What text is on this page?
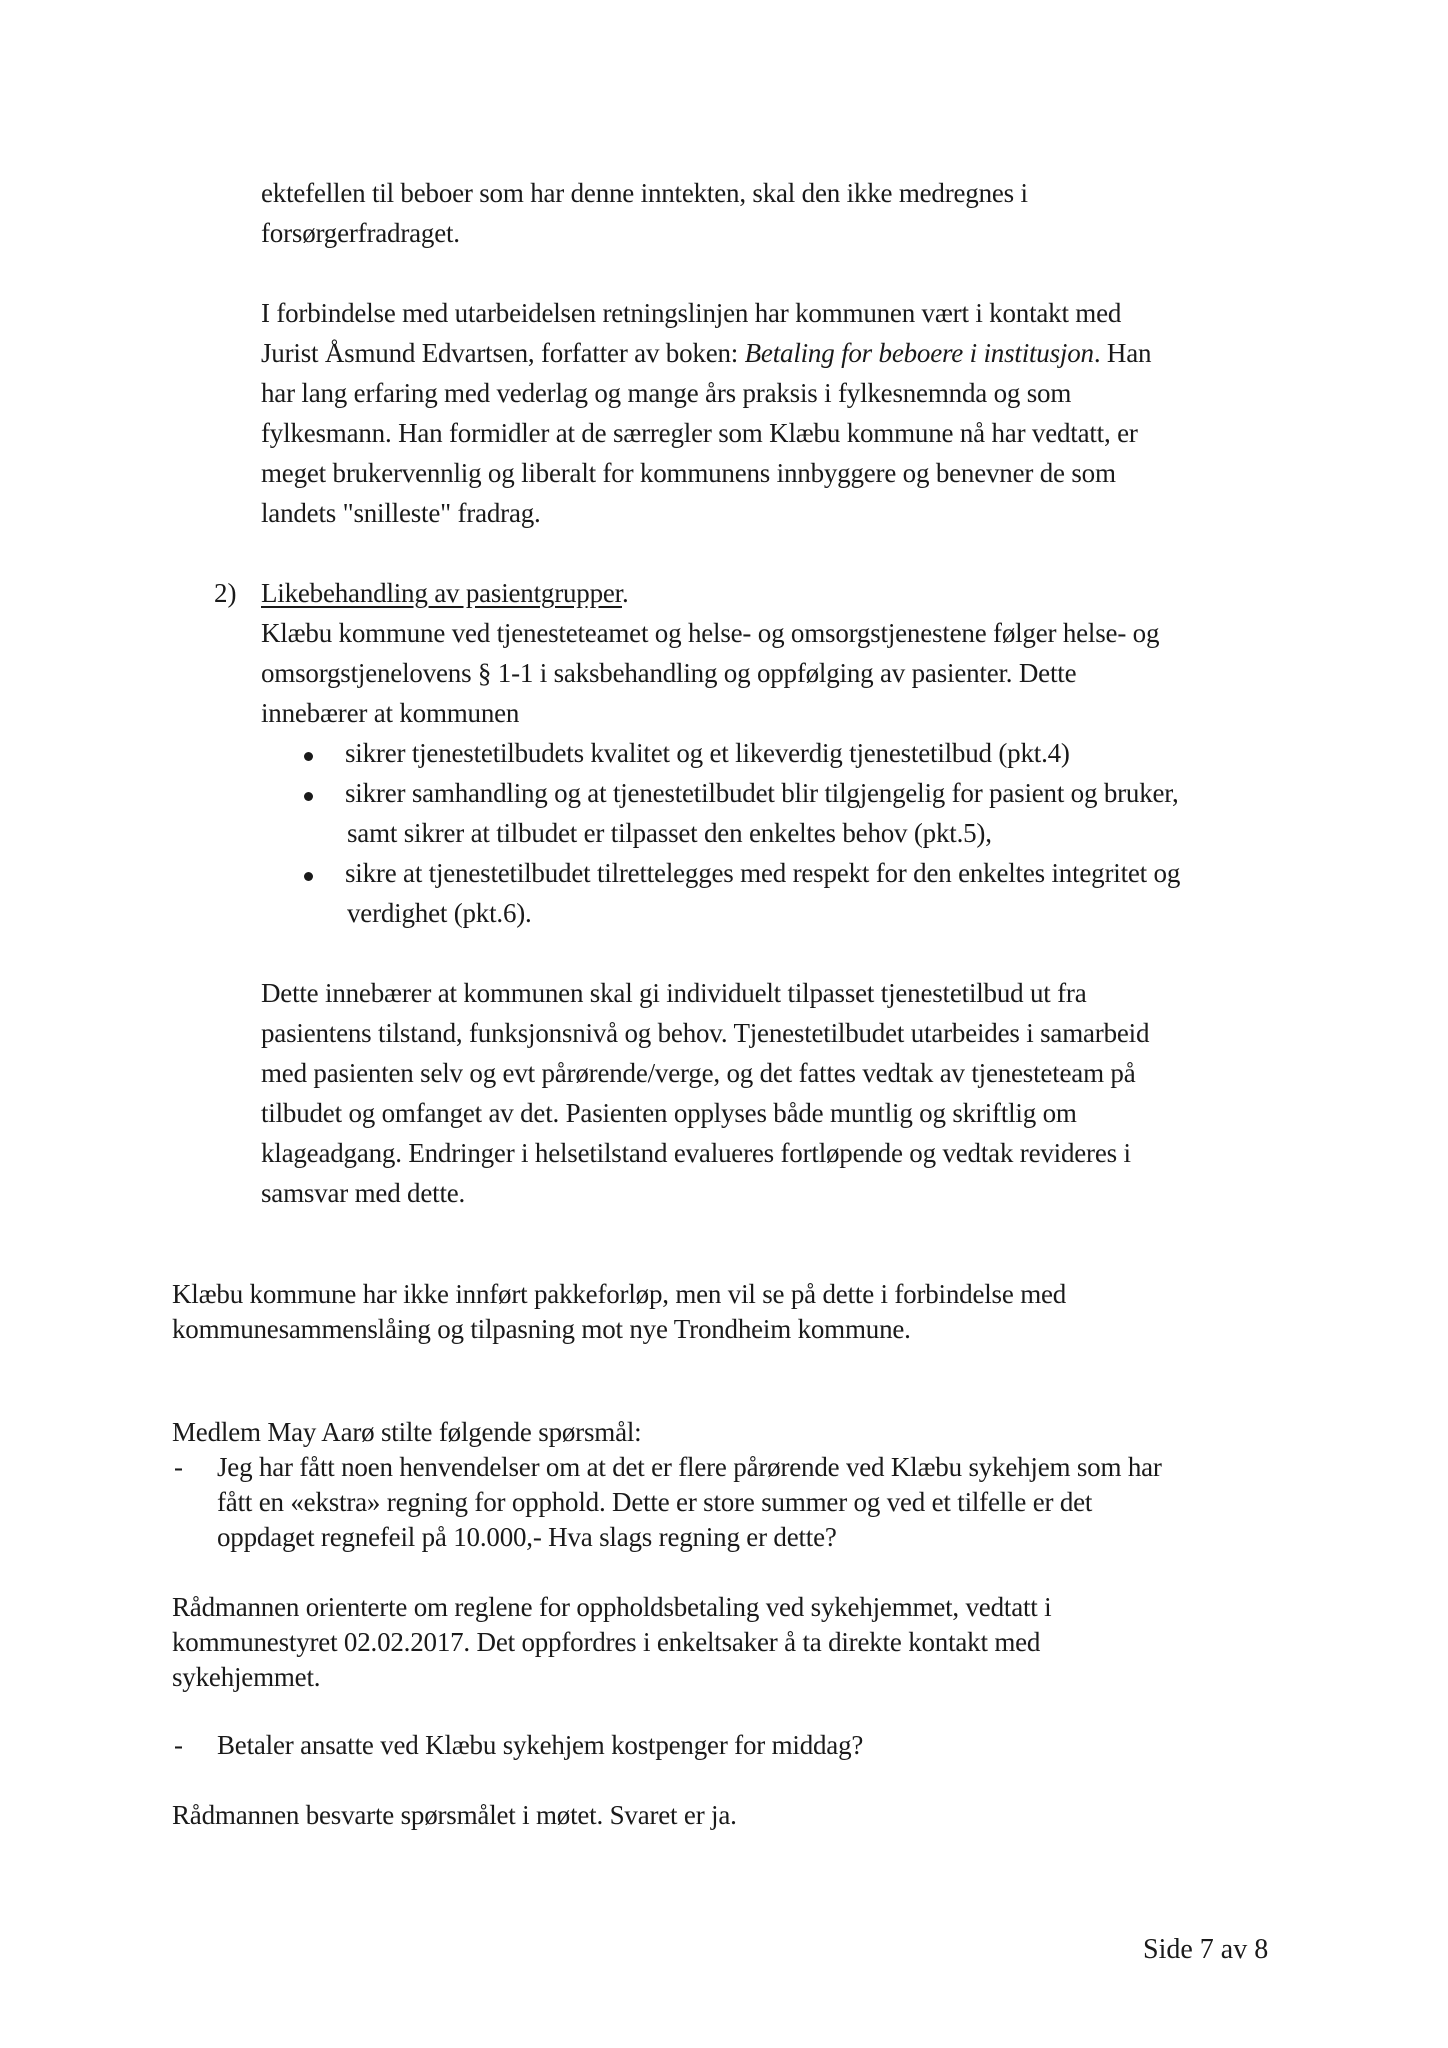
ektefellen til beboer som har denne inntekten, skal den ikke medregnes i
forsørgerfradraget.
I forbindelse med utarbeidelsen retningslinjen har kommunen vært i kontakt med
Jurist Åsmund Edvartsen, forfatter av boken: Betaling for beboere i institusjon. Han
har lang erfaring med vederlag og mange års praksis i fylkesnemnda og som
fylkesmann. Han formidler at de særregler som Klæbu kommune nå har vedtatt, er
meget brukervennlig og liberalt for kommunens innbyggere og benevner de som
landets "snilleste" fradrag.
2) Likebehandling av pasientgrupper.
Klæbu kommune ved tjenesteteamet og helse- og omsorgstjenestene følger helse- og
omsorgstjenelovens § 1-1 i saksbehandling og oppfølging av pasienter. Dette
innebærer at kommunen
sikrer tjenestetilbudets kvalitet og et likeverdig tjenestetilbud (pkt.4)
sikrer samhandling og at tjenestetilbudet blir tilgjengelig for pasient og bruker,
samt sikrer at tilbudet er tilpasset den enkeltes behov (pkt.5),
sikre at tjenestetilbudet tilrettelegges med respekt for den enkeltes integritet og
verdighet (pkt.6).
Dette innebærer at kommunen skal gi individuelt tilpasset tjenestetilbud ut fra
pasientens tilstand, funksjonsnivå og behov. Tjenestetilbudet utarbeides i samarbeid
med pasienten selv og evt pårørende/verge, og det fattes vedtak av tjenesteteam på
tilbudet og omfanget av det. Pasienten opplyses både muntlig og skriftlig om
klageadgang. Endringer i helsetilstand evalueres fortløpende og vedtak revideres i
samsvar med dette.
Klæbu kommune har ikke innført pakkeforløp, men vil se på dette i forbindelse med
kommunesammenslåing og tilpasning mot nye Trondheim kommune.
Medlem May Aarø stilte følgende spørsmål:
- Jeg har fått noen henvendelser om at det er flere pårørende ved Klæbu sykehjem som har
fått en «ekstra» regning for opphold. Dette er store summer og ved et tilfelle er det
oppdaget regnefeil på 10.000,- Hva slags regning er dette?
Rådmannen orienterte om reglene for oppholdsbetaling ved sykehjemmet, vedtatt i
kommunestyret 02.02.2017. Det oppfordres i enkeltsaker å ta direkte kontakt med
sykehjemmet.
- Betaler ansatte ved Klæbu sykehjem kostpenger for middag?
Rådmannen besvarte spørsmålet i møtet. Svaret er ja.
Side 7 av 8
